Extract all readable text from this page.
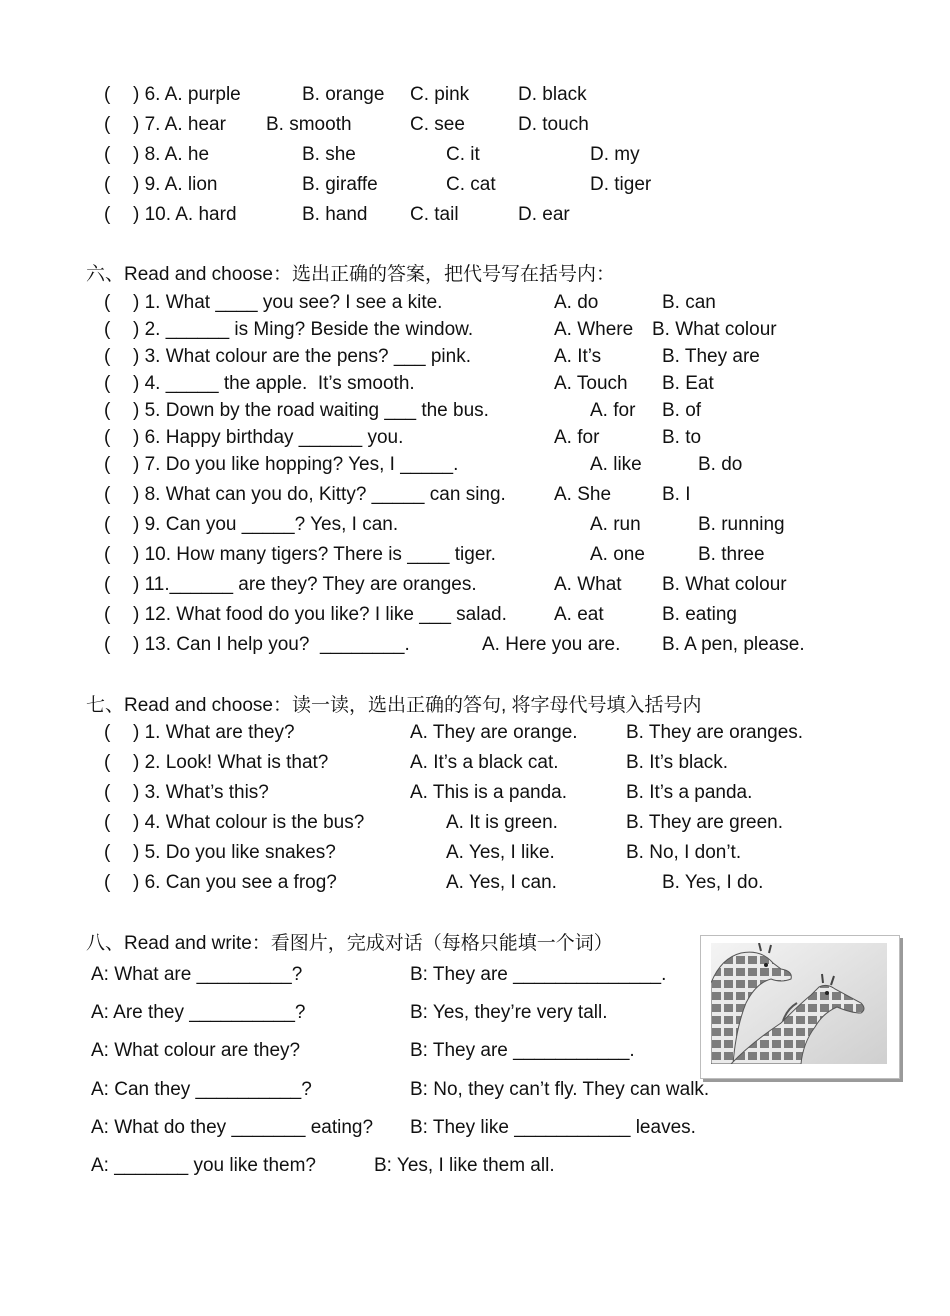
( ) 6. A. purple	B. orange C. pink	D. black
( ) 7. A. hear B. smooth	C. see	D. touch
( ) 8. A. he	B. she	C. it	D. my
( ) 9. A. lion	B. giraffe	C. cat	D. tiger
( ) 10. A. hard	B. hand C. tail	D. ear
六、Read and choose：选出正确的答案，把代号写在括号内：
( ) 1. What ____ you see? I see a kite.	A. do	B. can
( ) 2. ______ is Ming? Beside the window.	A. Where B. What colour
( ) 3. What colour are the pens? ___ pink.	A. It’s	B. They are
( ) 4. _____ the apple.  It’s smooth.	A. Touch B. Eat
( ) 5. Down by the road waiting ___ the bus.	A. for B. of
( ) 6. Happy birthday ______ you.	A. for	B. to
( ) 7. Do you like hopping? Yes, I _____.	A. like	B. do
( ) 8. What can you do, Kitty? _____ can sing.	A. She	B. I
( ) 9. Can you _____? Yes, I can.	A. run	B. running
( ) 10. How many tigers? There is ____ tiger.	A. one	B. three
( ) 11.______ are they? They are oranges.	A. What B. What colour
( ) 12. What food do you like? I like ___ salad. A. eat	B. eating
( ) 13. Can I help you?  ________.	A. Here you are. B. A pen, please.
七、Read and choose：读一读，选出正确的答句, 将字母代号填入括号内
( ) 1. What are they?	A. They are orange.	B. They are oranges.
( ) 2. Look! What is that?	A. It’s a black cat.	B. It’s black.
( ) 3. What’s this?	A. This is a panda.	B. It’s a panda.
( ) 4. What colour is the bus?	A. It is green.	B. They are green.
( ) 5. Do you like snakes?	A. Yes, I like.	B. No, I don’t.
( ) 6. Can you see a frog?	A. Yes, I can.	B. Yes, I do.
八、Read and write：看图片，完成对话（每格只能填一个词）
A: What are _________?	B: They are ______________.
A: Are they __________?	B: Yes, they’re very tall.
A: What colour are they?	B: They are ___________.
A: Can they __________?	B: No, they can’t fly. They can walk.
A: What do they _______ eating? B: They like ___________ leaves.
A: _______ you like them?	B: Yes, I like them all.
